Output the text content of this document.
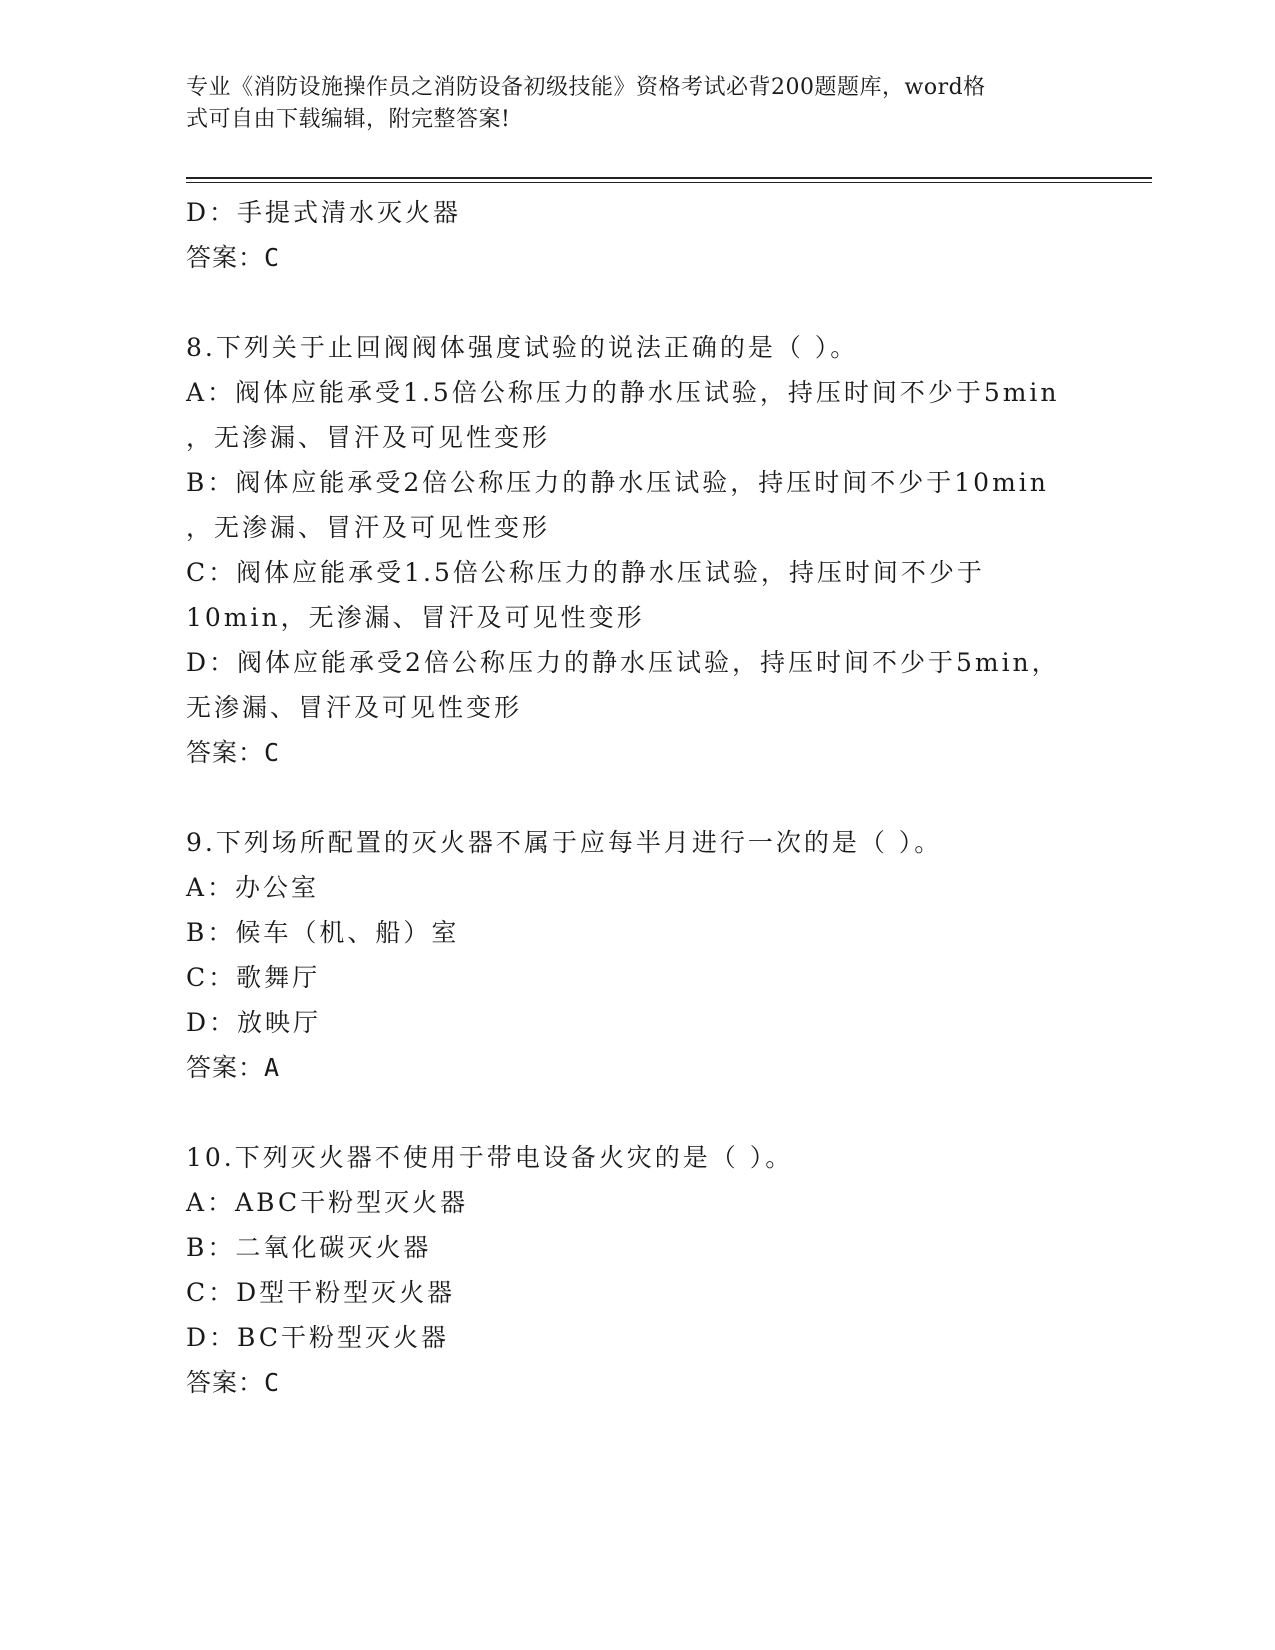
专业《消防设施操作员之消防设备初级技能》资格考试必背200题题库，word格
式可自由下载编辑，附完整答案!
D：手提式清水灭火器
答案：C
8.下列关于止回阀阀体强度试验的说法正确的是（ ）。
A：阀体应能承受1.5倍公称压力的静水压试验，持压时间不少于5min
，无渗漏、冒汗及可见性变形
B：阀体应能承受2倍公称压力的静水压试验，持压时间不少于10min
，无渗漏、冒汗及可见性变形
C：阀体应能承受1.5倍公称压力的静水压试验，持压时间不少于
10min，无渗漏、冒汗及可见性变形
D：阀体应能承受2倍公称压力的静水压试验，持压时间不少于5min，
无渗漏、冒汗及可见性变形
答案：C
9.下列场所配置的灭火器不属于应每半月进行一次的是（ ）。
A：办公室
B：候车（机、船）室
C：歌舞厅
D：放映厅
答案：A
10.下列灭火器不使用于带电设备火灾的是（ ）。
A：ABC干粉型灭火器
B：二氧化碳灭火器
C：D型干粉型灭火器
D：BC干粉型灭火器
答案：C
